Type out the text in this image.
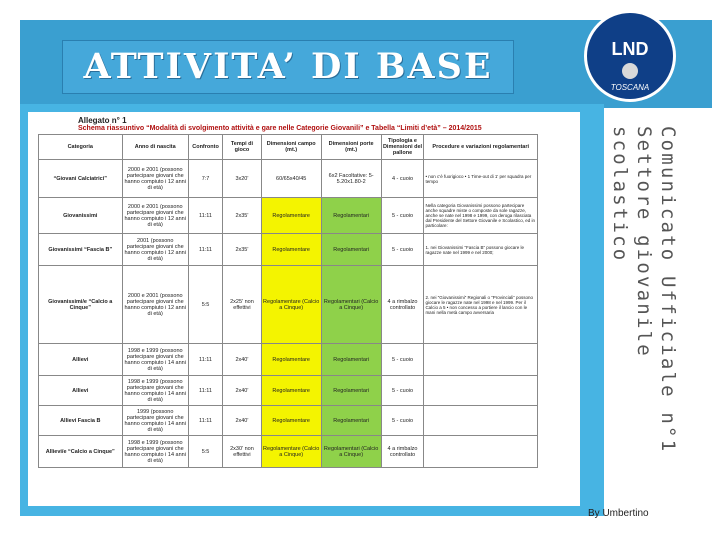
ATTIVITA’ DI BASE	LND
TOSCANA
Allegato n° 1
Schema riassuntivo “Modalità di svolgimento attività e gare nelle Categorie Giovanili” e Tabella “Limiti d’età” – 2014/2015
Categoria	Anno di nascita	Confronto	Tempi di gioco	Dimensioni campo (mt.)	Dimensioni porte (mt.)	Tipologia e Dimensioni del pallone	Procedure e variazioni regolamentari
“Giovani Calciatrici”	2000 e 2001 (possono partecipare giovani che hanno compiuto i 12 anni di età)	7:7	3x20'	60/65x40/45	6x2 Facoltative: 5-5.20x1.80-2	4 - cuoio	• non c’è fuorigioco • 1 Time-out di 1' per squadra per tempo
Giovanissimi	2000 e 2001 (possono partecipare giovani che hanno compiuto i 12 anni di età)	11:11	2x35'	Regolamentare	Regolamentari	5 - cuoio	Nella categoria Giovanissimi possono partecipare anche squadre miste o composte da sole ragazze, anche se nate nel 1998 e 1999, con deroga rilasciata dal Presidente del Settore Giovanile e Scolastico, ed in particolare:
Giovanissimi “Fascia B”	2001 (possono partecipare giovani che hanno compiuto i 12 anni di età)	11:11	2x35'	Regolamentare	Regolamentari	5 - cuoio	1. nei Giovanissimi “Fascia B” possono giocare le ragazze nate nel 1999 e nel 2000;
Giovanissimi/e “Calcio a Cinque”	2000 e 2001 (possono partecipare giovani che hanno compiuto i 12 anni di età)	5:5	2x25' non effettivi	Regolamentare (Calcio a Cinque)	Regolamentari (Calcio a Cinque)	4 a rimbalzo controllato	2. nei “Giovanissimi” Regionali o “Provinciali” possono giocare le ragazze nate nel 1998 e nel 1999. Per il Calcio a 5 • non concesso a portiere il lancio con le mani nella metà campo avversaria
Allievi	1998 e 1999 (possono partecipare giovani che hanno compiuto i 14 anni di età)	11:11	2x40'	Regolamentare	Regolamentari	5 - cuoio	
Allievi	1998 e 1999 (possono partecipare giovani che hanno compiuto i 14 anni di età)	11:11	2x40'	Regolamentare	Regolamentari	5 - cuoio	
Allievi Fascia B	1999 (possono partecipare giovani che hanno compiuto i 14 anni di età)	11:11	2x40'	Regolamentare	Regolamentari	5 - cuoio	
Allievi/e “Calcio a Cinque”	1998 e 1999 (possono partecipare giovani che hanno compiuto i 14 anni di età)	5:5	2x30' non effettivi	Regolamentare (Calcio a Cinque)	Regolamentari (Calcio a Cinque)	4 a rimbalzo controllato	
Comunicato Ufficiale n°1
Settore giovanile scolastico
By Umbertino
